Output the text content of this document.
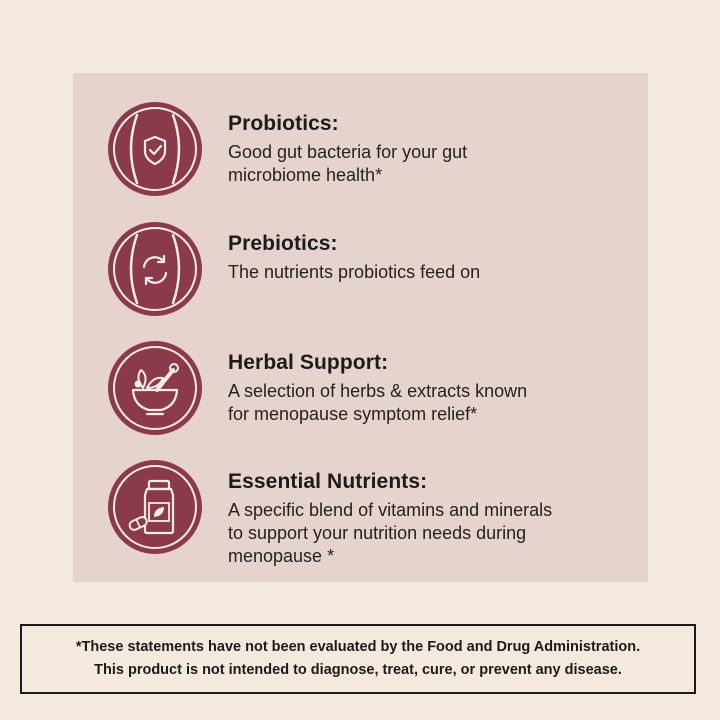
Probiotics:

Good gut bacteria for your gut
microbiome health*

Prebiotics:

The nutrients probiotics feed on

Herbal Support:

A selection of herbs & extracts known
for menopause symptom relief*

Essential Nutrients:

A specific blend of vitamins and minerals
to support your nutrition needs during
menopause *

*These statements have not been evaluated by the Food and Drug Administration.

This product is not intended to diagnose, treat, cure, or prevent any disease.
